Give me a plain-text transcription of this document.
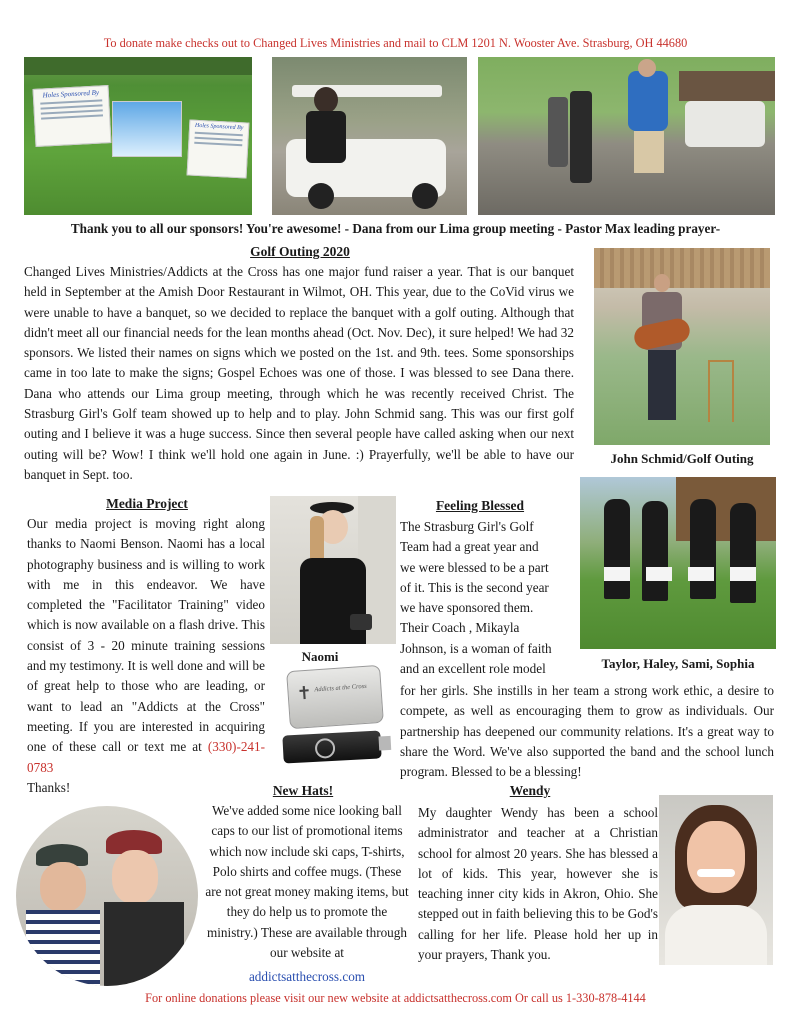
To donate make checks out to Changed Lives Ministries and mail to CLM 1201 N. Wooster Ave. Strasburg, OH 44680
Holes Sponsored By
Holes Sponsored By
Thank you to all our sponsors! You're awesome! - Dana from our Lima group meeting - Pastor Max leading prayer-
Golf Outing 2020
Changed Lives Ministries/Addicts at the Cross has one major fund raiser a year. That is our banquet held in September at the Amish Door Restaurant in Wilmot, OH. This year, due to the CoVid virus we were unable to have a banquet, so we decided to replace the banquet with a golf outing. Although that didn't meet all our financial needs for the lean months ahead (Oct. Nov. Dec), it sure helped! We had 32 sponsors. We listed their names on signs which we posted on the 1st. and 9th. tees. Some sponsorships came in too late to make the signs; Gospel Echoes was one of those. I was blessed to see Dana there. Dana who attends our Lima group meeting, through which he was recently received Christ. The Strasburg Girl's Golf team showed up to help and to play. John Schmid sang. This was our first golf outing and I believe it was a huge success. Since then several people have called asking when our next outing will be? Wow! I think we'll hold one again in June. :) Prayerfully, we'll be able to have our banquet in Sept. too.
John Schmid/Golf Outing
Media Project
Our media project is moving right along thanks to Naomi Benson. Naomi has a local photography business and is willing to work with me in this endeavor. We have completed the "Facilitator Training" video which is now available on a flash drive. This consist of 3 - 20 minute training sessions and my testimony. It is well done and will be of great help to those who are leading, or want to lead an "Addicts at the Cross" meeting. If you are interested in acquiring one of these call or text me at (330)-241-0783
Thanks!
Naomi
✝ Addicts at the Cross
Feeling Blessed
The Strasburg Girl's Golf
Team had a great year and
we were blessed to be a part
of it. This is the second year
we have sponsored them.
Their Coach , Mikayla
Johnson, is a woman of faith
and an excellent role model	Taylor, Haley, Sami, Sophia
for her girls. She instills in her team a strong work ethic, a desire to compete, as well as encouraging them to grow as individuals. Our partnership has deepened our community relations. It's a great way to share the Word. We've also supported the band and the school lunch program. Blessed to be a blessing!
New Hats!
We've added some nice looking ball caps to our list of promotional items which now include ski caps, T-shirts, Polo shirts and coffee mugs. (These are not great money making items, but they do help us to promote the ministry.) These are available through our website at
addictsatthecross.com
Wendy
My daughter Wendy has been a school administrator and teacher at a Christian school for almost 20 years. She has blessed a lot of kids. This year, however she is teaching inner city kids in Akron, Ohio. She stepped out in faith believing this to be God's calling for her life. Please hold her up in your prayers, Thank you.
For online donations please visit our new website at addictsatthecross.com Or call us 1-330-878-4144
